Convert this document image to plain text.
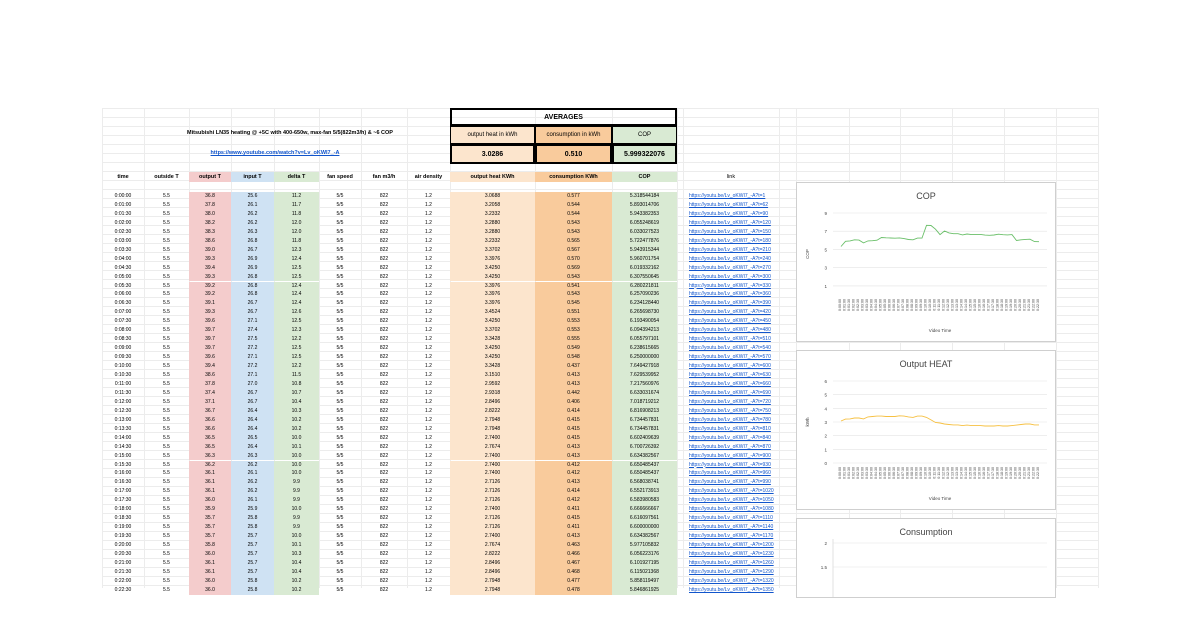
Mitsubishi LN35 heating @ +5C with 400-650w, max-fan 5/5(822m3/h) & ~6 COP
https://www.youtube.com/watch?v=Lv_oKWI7_-A
AVERAGES
output heat in kWh	consumption in kWh	COP
3.0286	0.510	5.999322076
time	outside T	output T	input T	delta T	fan speed	fan m3/h	air density	output heat KWh	consumption KWh	COP	link
0:00:00	5.5	36.8	25.6	11.2	5/5	822	1.2	3.0688	0.577	5.318544184	https://youtu.be/Lv_oKWI7_-A?t=1
0:01:00	5.5	37.8	26.1	11.7	5/5	822	1.2	3.2058	0.544	5.893014706	https://youtu.be/Lv_oKWI7_-A?t=62
0:01:30	5.5	38.0	26.2	11.8	5/5	822	1.2	3.2332	0.544	5.943382353	https://youtu.be/Lv_oKWI7_-A?t=90
0:02:00	5.5	38.2	26.2	12.0	5/5	822	1.2	3.2880	0.543	6.055248619	https://youtu.be/Lv_oKWI7_-A?t=120
0:02:30	5.5	38.3	26.3	12.0	5/5	822	1.2	3.2880	0.543	6.033027523	https://youtu.be/Lv_oKWI7_-A?t=150
0:03:00	5.5	38.6	26.8	11.8	5/5	822	1.2	3.2332	0.565	5.722477876	https://youtu.be/Lv_oKWI7_-A?t=180
0:03:30	5.5	39.0	26.7	12.3	5/5	822	1.2	3.3702	0.567	5.943915344	https://youtu.be/Lv_oKWI7_-A?t=210
0:04:00	5.5	39.3	26.9	12.4	5/5	822	1.2	3.3976	0.570	5.960701754	https://youtu.be/Lv_oKWI7_-A?t=240
0:04:30	5.5	39.4	26.9	12.5	5/5	822	1.2	3.4250	0.569	6.019332162	https://youtu.be/Lv_oKWI7_-A?t=270
0:05:00	5.5	39.3	26.8	12.5	5/5	822	1.2	3.4250	0.543	6.307550645	https://youtu.be/Lv_oKWI7_-A?t=300
0:05:30	5.5	39.2	26.8	12.4	5/5	822	1.2	3.3976	0.541	6.280221811	https://youtu.be/Lv_oKWI7_-A?t=330
0:06:00	5.5	39.2	26.8	12.4	5/5	822	1.2	3.3976	0.543	6.257090236	https://youtu.be/Lv_oKWI7_-A?t=360
0:06:30	5.5	39.1	26.7	12.4	5/5	822	1.2	3.3976	0.545	6.234128440	https://youtu.be/Lv_oKWI7_-A?t=390
0:07:00	5.5	39.3	26.7	12.6	5/5	822	1.2	3.4524	0.551	6.265698730	https://youtu.be/Lv_oKWI7_-A?t=420
0:07:30	5.5	39.6	27.1	12.5	5/5	822	1.2	3.4250	0.553	6.193490054	https://youtu.be/Lv_oKWI7_-A?t=450
0:08:00	5.5	39.7	27.4	12.3	5/5	822	1.2	3.3702	0.553	6.094394213	https://youtu.be/Lv_oKWI7_-A?t=480
0:08:30	5.5	39.7	27.5	12.2	5/5	822	1.2	3.3428	0.555	6.055797101	https://youtu.be/Lv_oKWI7_-A?t=510
0:09:00	5.5	39.7	27.2	12.5	5/5	822	1.2	3.4250	0.549	6.238615665	https://youtu.be/Lv_oKWI7_-A?t=540
0:09:30	5.5	39.6	27.1	12.5	5/5	822	1.2	3.4250	0.548	6.250000000	https://youtu.be/Lv_oKWI7_-A?t=570
0:10:00	5.5	39.4	27.2	12.2	5/5	822	1.2	3.3428	0.437	7.649427918	https://youtu.be/Lv_oKWI7_-A?t=600
0:10:30	5.5	38.6	27.1	11.5	5/5	822	1.2	3.1510	0.413	7.629539952	https://youtu.be/Lv_oKWI7_-A?t=630
0:11:00	5.5	37.8	27.0	10.8	5/5	822	1.2	2.9592	0.413	7.217560976	https://youtu.be/Lv_oKWI7_-A?t=660
0:11:30	5.5	37.4	26.7	10.7	5/5	822	1.2	2.9318	0.442	6.633031674	https://youtu.be/Lv_oKWI7_-A?t=690
0:12:00	5.5	37.1	26.7	10.4	5/5	822	1.2	2.8496	0.406	7.018719212	https://youtu.be/Lv_oKWI7_-A?t=720
0:12:30	5.5	36.7	26.4	10.3	5/5	822	1.2	2.8222	0.414	6.816908213	https://youtu.be/Lv_oKWI7_-A?t=750
0:13:00	5.5	36.6	26.4	10.2	5/5	822	1.2	2.7948	0.415	6.734457831	https://youtu.be/Lv_oKWI7_-A?t=780
0:13:30	5.5	36.6	26.4	10.2	5/5	822	1.2	2.7948	0.415	6.734457831	https://youtu.be/Lv_oKWI7_-A?t=810
0:14:00	5.5	36.5	26.5	10.0	5/5	822	1.2	2.7400	0.415	6.602409639	https://youtu.be/Lv_oKWI7_-A?t=840
0:14:30	5.5	36.5	26.4	10.1	5/5	822	1.2	2.7674	0.413	6.700726392	https://youtu.be/Lv_oKWI7_-A?t=870
0:15:00	5.5	36.3	26.3	10.0	5/5	822	1.2	2.7400	0.413	6.634382567	https://youtu.be/Lv_oKWI7_-A?t=900
0:15:30	5.5	36.2	26.2	10.0	5/5	822	1.2	2.7400	0.412	6.650485437	https://youtu.be/Lv_oKWI7_-A?t=930
0:16:00	5.5	36.1	26.1	10.0	5/5	822	1.2	2.7400	0.412	6.650485437	https://youtu.be/Lv_oKWI7_-A?t=960
0:16:30	5.5	36.1	26.2	9.9	5/5	822	1.2	2.7126	0.413	6.568038741	https://youtu.be/Lv_oKWI7_-A?t=990
0:17:00	5.5	36.1	26.2	9.9	5/5	822	1.2	2.7126	0.414	6.552173913	https://youtu.be/Lv_oKWI7_-A?t=1020
0:17:30	5.5	36.0	26.1	9.9	5/5	822	1.2	2.7126	0.412	6.583980583	https://youtu.be/Lv_oKWI7_-A?t=1050
0:18:00	5.5	35.9	25.9	10.0	5/5	822	1.2	2.7400	0.411	6.666666667	https://youtu.be/Lv_oKWI7_-A?t=1080
0:18:30	5.5	35.7	25.8	9.9	5/5	822	1.2	2.7126	0.415	6.616097561	https://youtu.be/Lv_oKWI7_-A?t=1110
0:19:00	5.5	35.7	25.8	9.9	5/5	822	1.2	2.7126	0.411	6.600000000	https://youtu.be/Lv_oKWI7_-A?t=1140
0:19:30	5.5	35.7	25.7	10.0	5/5	822	1.2	2.7400	0.413	6.634382567	https://youtu.be/Lv_oKWI7_-A?t=1170
0:20:00	5.5	35.8	25.7	10.1	5/5	822	1.2	2.7674	0.463	5.977105832	https://youtu.be/Lv_oKWI7_-A?t=1200
0:20:30	5.5	36.0	25.7	10.3	5/5	822	1.2	2.8222	0.466	6.056223176	https://youtu.be/Lv_oKWI7_-A?t=1230
0:21:00	5.5	36.1	25.7	10.4	5/5	822	1.2	2.8496	0.467	6.101927195	https://youtu.be/Lv_oKWI7_-A?t=1260
0:21:30	5.5	36.1	25.7	10.4	5/5	822	1.2	2.8496	0.468	6.115021368	https://youtu.be/Lv_oKWI7_-A?t=1290
0:22:00	5.5	36.0	25.8	10.2	5/5	822	1.2	2.7948	0.477	5.858119497	https://youtu.be/Lv_oKWI7_-A?t=1320
0:22:30	5.5	36.0	25.8	10.2	5/5	822	1.2	2.7948	0.478	5.846861925	https://youtu.be/Lv_oKWI7_-A?t=1350
COP
1
3
5
7
9
COP
0:00:00 0:01:00 0:01:30 0:02:00 0:02:30 0:03:00 0:03:30 0:04:00 0:04:30 0:05:00 0:05:30 0:06:00 0:06:30 0:07:00 0:07:30 0:08:00 0:08:30 0:09:00 0:09:30 0:10:00 0:10:30 0:11:00 0:11:30 0:12:00 0:12:30 0:13:00 0:13:30 0:14:00 0:14:30 0:15:00 0:15:30 0:16:00 0:16:30 0:17:00 0:17:30 0:18:00 0:18:30 0:19:00 0:19:30 0:20:00 0:20:30 0:21:00 0:21:30 0:22:00 0:22:30
Video Time
Output HEAT
0
1
2
3
4
5
6
kWh
0:00:00 0:01:00 0:01:30 0:02:00 0:02:30 0:03:00 0:03:30 0:04:00 0:04:30 0:05:00 0:05:30 0:06:00 0:06:30 0:07:00 0:07:30 0:08:00 0:08:30 0:09:00 0:09:30 0:10:00 0:10:30 0:11:00 0:11:30 0:12:00 0:12:30 0:13:00 0:13:30 0:14:00 0:14:30 0:15:00 0:15:30 0:16:00 0:16:30 0:17:00 0:17:30 0:18:00 0:18:30 0:19:00 0:19:30 0:20:00 0:20:30 0:21:00 0:21:30 0:22:00 0:22:30
Video Time
Consumption
2
1.5
